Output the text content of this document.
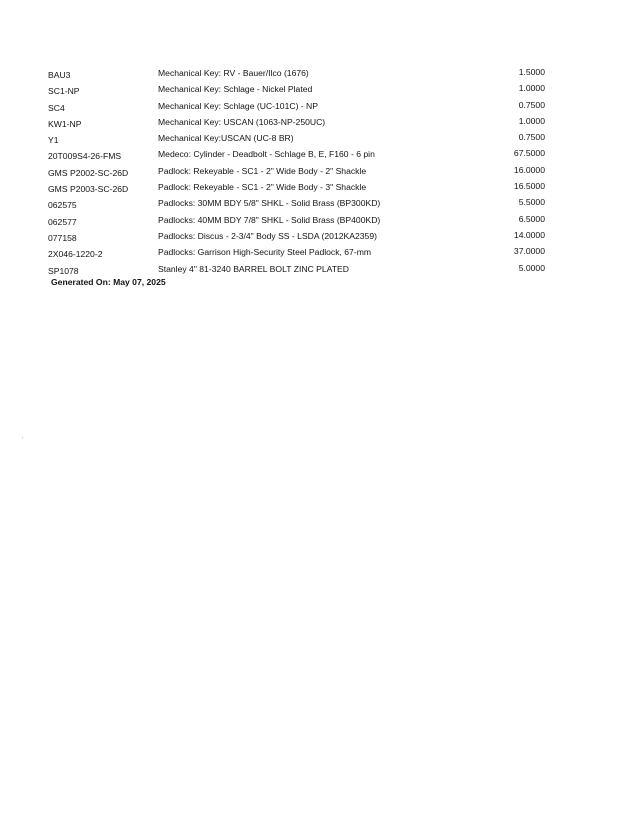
BAU3	Mechanical Key: RV - Bauer/Ilco (1676)	1.5000
SC1-NP	Mechanical Key: Schlage - Nickel Plated	1.0000
SC4	Mechanical Key: Schlage (UC-101C) - NP	0.7500
KW1-NP	Mechanical Key: USCAN (1063-NP-250UC)	1.0000
Y1	Mechanical Key:USCAN (UC-8 BR)	0.7500
20T009S4-26-FMS	Medeco: Cylinder - Deadbolt - Schlage B, E, F160 - 6 pin	67.5000
GMS P2002-SC-26D	Padlock: Rekeyable - SC1 - 2" Wide Body - 2" Shackle	16.0000
GMS P2003-SC-26D	Padlock: Rekeyable - SC1 - 2" Wide Body - 3" Shackle	16.5000
062575	Padlocks: 30MM BDY 5/8" SHKL - Solid Brass (BP300KD)	5.5000
062577	Padlocks: 40MM BDY 7/8" SHKL - Solid Brass (BP400KD)	6.5000
077158	Padlocks: Discus - 2-3/4" Body SS - LSDA (2012KA2359)	14.0000
2X046-1220-2	Padlocks: Garrison High-Security Steel Padlock, 67-mm	37.0000
SP1078	Stanley 4" 81-3240 BARREL BOLT ZINC PLATED	5.0000
Generated On: May 07, 2025
